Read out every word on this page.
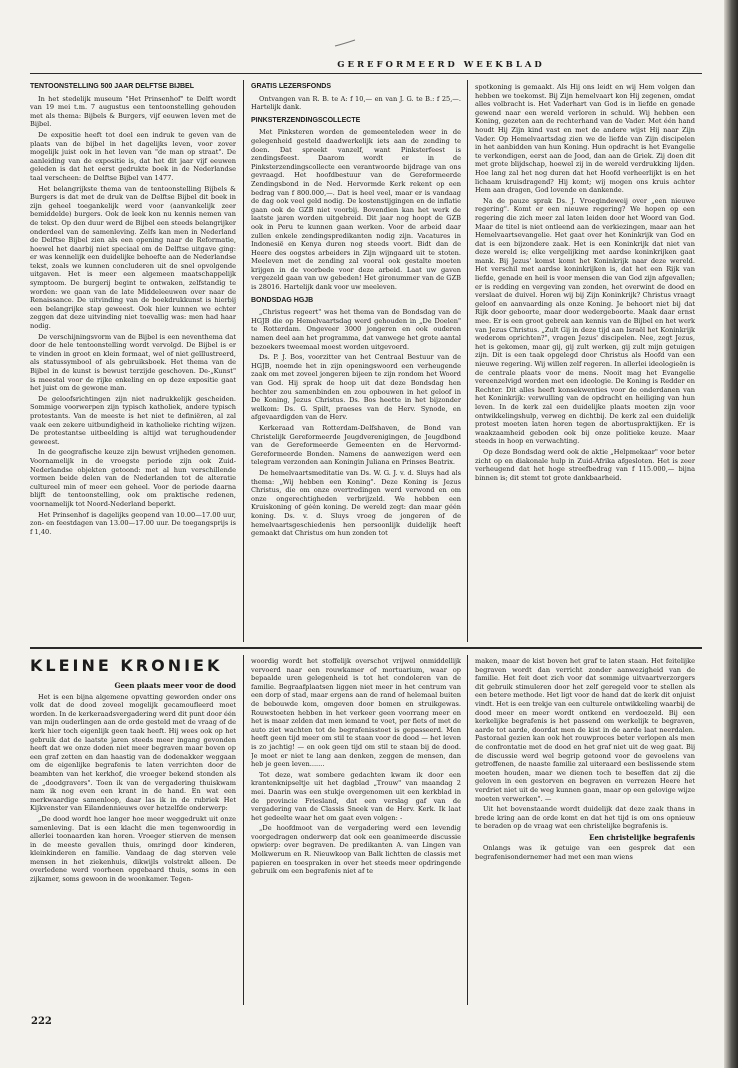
GEREFORMEERD WEEKBLAD
TENTOONSTELLING 500 JAAR DELFTSE BIJBEL

In het stedelijk museum "Het Prinsenhof" te Delft wordt van 19 mei t.m. 7 augustus een tentoonstelling gehouden met als thema: Bijbels & Burgers, vijf eeuwen leven met de Bijbel.

De expositie heeft tot doel een indruk te geven van de plaats van de bijbel in het dagelijks leven, voor zover mogelijk juist ook in het leven van "de man op straat". De aanleiding van de expositie is, dat het dit jaar vijf eeuwen geleden is dat het eerst gedrukte boek in de Nederlandse taal verscheen: de Delftse Bijbel van 1477.

Het belangrijkste thema van de tentoonstelling Bijbels & Burgers is dat met de druk van de Delftse Bijbel dit boek in zijn geheel toegankelijk werd voor (aanvankelijk zeer bemiddelde) burgers. Ook de leek kon nu kennis nemen van de tekst. Op den duur werd de Bijbel een steeds belangrijker onderdeel van de samenleving. Zelfs kan men in Nederland de Delftse Bijbel zien als een opening naar de Reformatie, hoewel het daarbij niet speciaal om de Delftse uitgave ging: er was kennelijk een duidelijke behoefte aan de Nederlandse tekst, zoals we kunnen concluderen uit de snel opvolgende uitgaven. Het is meer een algemeen maatschappelijk symptoom. De burgerij begint te ontwaken, zelfstandig te worden: we gaan van de late Middeleeuwen over naar de Renaissance. De uitvinding van de boekdrukkunst is hierbij een belangrijke stap geweest. Ook hier kunnen we echter zeggen dat deze uitvinding niet toevallig was: men had haar nodig.

De verschijningsvorm van de Bijbel is een neventhema dat door de hele tentoonstelling wordt vervolgd. De Bijbel is er te vinden in groot en klein formaat, wel of niet geïllustreerd, als statussymbool of als gebruiksboek. Het thema van de Bijbel in de kunst is bewust terzijde geschoven. De-„Kunst" is meestal voor de rijke enkeling en op deze expositie gaat het juist om de gewone man.

De geloofsrichtingen zijn niet nadrukkelijk gescheiden. Sommige voorwerpen zijn typisch katholiek, andere typisch protestants. Van de meeste is het niet te definiëren, al zal vaak een zekere uitbundigheid in katholieke richting wijzen. De protestantse uitbeelding is altijd wat terughoudender geweest.

In de geografische keuze zijn bewust vrijheden genomen. Voornamelijk in de vroegste periode zijn ook Zuid-Nederlandse objekten getoond: met al hun verschillende vormen beide delen van de Nederlanden tot de alteratie cultureel min of meer een geheel. Voor de periode daarna blijft de tentoonstelling, ook om praktische redenen, voornamelijk tot Noord-Nederland beperkt.

Het Prinsenhof is dagelijks geopend van 10.00—17.00 uur, zon- en feestdagen van 13.00—17.00 uur. De toegangsprijs is f 1,40.

GRATIS LEZERSFONDS

Ontvangen van R. B. te A: f 10,— en van J. G. te B.: f 25,—. Hartelijk dank.

PINKSTERZENDINGSCOLLECTE

Met Pinksteren worden de gemeenteleden weer in de gelegenheid gesteld daadwerkelijk iets aan de zending te doen. Dat spreekt vanzelf, want Pinksterfeest is zendingsfeest. Daarom wordt er in de Pinksterzendingscollecte een verantwoorde bijdrage van ons gevraagd. Het hoofdbestuur van de Gereformeerde Zendingsbond in de Ned. Hervormde Kerk rekent op een bedrag van f 800.000,—. Dat is heel veel, maar er is vandaag de dag ook veel geld nodig. De kostenstijgingen en de inflatie gaan ook de GZB niet voorbij. Bovendien kan het werk de laatste jaren worden uitgebreid. Dit jaar nog hoopt de GZB ook in Peru te kunnen gaan werken. Voor de arbeid daar zullen enkele zendingspredikanten nodig zijn. Vacatures in Indonesië en Kenya duren nog steeds voort. Bidt dan de Heere des oogstes arbeiders in Zijn wijngaard uit te stoten. Meeleven met de zending zal vooral ook gestalte moeten krijgen in de voorbede voor deze arbeid. Laat uw gaven vergezeld gaan van uw gebeden! Het gironummer van de GZB is 28016. Hartelijk dank voor uw meeleven.

BONDSDAG HGJB

„Christus regeert" was het thema van de Bondsdag van de HGJB die op Hemelvaartsdag werd gehouden in „De Doelen" te Rotterdam. Ongeveer 3000 jongeren en ook ouderen namen deel aan het programma, dat vanwege het grote aantal bezoekers tweemaal moest worden uitgevoerd.

Ds. P. J. Bos, voorzitter van het Centraal Bestuur van de HGJB, noemde het in zijn openingswoord een verheugende zaak om met zoveel jongeren bijeen te zijn rondom het Woord van God. Hij sprak de hoop uit dat deze Bondsdag hen hechter zou samenbinden en zou opbouwen in het geloof in De Koning, Jezus Christus. Ds. Bos heette in het bijzonder welkom: Ds. G. Spilt, praeses van de Herv. Synode, en afgevaardigden van de Herv.

Kerkeraad van Rotterdam-Delfshaven, de Bond van Christelijk Gereformeerde Jeugdverenigingen, de Jeugdbond van de Gereformeerde Gemeenten en de Hervormd-Gereformeerde Bonden. Namens de aanwezigen werd een telegram verzonden aan Koningin Juliana en Prinses Beatrix.

De hemelvaartsmeditatie van Ds. W. G. J. v. d. Sluys had als thema: „Wij hebben een Koning". Deze Koning is Jezus Christus, die om onze overtredingen werd verwond en om onze ongerechtigheden verbrijzeld. We hebben een Kruiskoning of géén koning. De wereld zegt: dan maar géén koning. Ds. v. d. Sluys vroeg de jongeren of de hemelvaartsgeschiedenis hen persoonlijk duidelijk heeft gemaakt dat Christus om hun zonden tot

spotkoning is gemaakt. Als Hij ons leidt en wij Hem volgen dan hebben we toekomst. Bij Zijn hemelvaart kon Hij zegenen, omdat alles volbracht is. Het Vaderhart van God is in liefde en genade gewend naar een wereld verloren in schuld. Wij hebben een Koning, gezeten aan de rechterhand van de Vader. Met één hand houdt Hij Zijn kind vast en met de andere wijst Hij naar Zijn Vader. Op Hemelvaartsdag zien we de liefde van Zijn discipelen in het aanbidden van hun Koning. Hun opdracht is het Evangelie te verkondigen, eerst aan de Jood, dan aan de Griek. Zij doen dit met grote blijdschap, hoewel zij in de wereld verdrukking lijden. Hoe lang zal het nog duren dat het Hoofd verheerlijkt is en het lichaam kruisdragend? Hij komt; wij mogen ons kruis achter Hem aan dragen, God lovende en dankende.

Na de pauze sprak Ds. J. Vroegindeweij over „een nieuwe regering". Komt er een nieuwe regering? We hopen op een regering die zich meer zal laten leiden door het Woord van God. Maar de titel is niet ontleend aan de verkiezingen, maar aan het Hemelvaartsevangelie. Het gaat over het Koninkrijk van God en dat is een bijzondere zaak. Het is een Koninkrijk dat niet van deze wereld is; elke vergelijking met aardse koninkrijken gaat mank. Bij Jezus' komst komt het Koninkrijk naar deze wereld. Het verschil met aardse koninkrijken is, dat het een Rijk van liefde, genade en heil is voor mensen die van God zijn afgevallen; er is redding en vergeving van zonden, het overwint de dood en verslaat de duivel. Horen wij bij Zijn Koninkrijk? Christus vraagt geloof en aanvaarding als onze Koning. Je behoort niet bij dat Rijk door geboorte, maar door wedergeboorte. Maak daar ernst mee. Er is een groot gebrek aan kennis van de Bijbel en het werk van Jezus Christus. „Zult Gij in deze tijd aan Israël het Koninkrijk wederom oprichten?", vragen Jezus' discipelen. Nee, zegt Jezus, het is gekomen, maar gij, gij zult werken, gij zult mijn getuigen zijn. Dit is een taak opgelegd door Christus als Hoofd van een nieuwe regering. Wij willen zelf regeren. In allerlei ideologieën is de centrale plaats voor de mens. Nooit mag het Evangelie vereenzelvigd worden met een ideologie. De Koning is Redder en Rechter. Dit alles heeft konsekwenties voor de onderdanen van het Koninkrijk: verwulling van de opdracht en heiliging van hun leven. In de kerk zal een duidelijke plaats moeten zijn voor ontwikkelingshulp, verweg en dichtbij. De kerk zal een duidelijk protest moeten laten horen tegen de abortuspraktijken. Er is waakzaamheid geboden ook bij onze politieke keuze. Maar steeds in hoop en verwachting.

Op deze Bondsdag werd ook de aktie „Helpmekaar" voor beter zicht op en diakonale hulp in Zuid-Afrika afgesloten. Het is zeer verheugend dat het hoge streefbedrag van f 115.000,— bijna binnen is; dit stemt tot grote dankbaarheid.

KLEINE KRONIEK
Geen plaats meer voor de dood

Het is een bijna algemene opvatting geworden onder ons volk dat de dood zoveel mogelijk gecamoufleerd moet worden. In de kerkeraadsvergadering werd dit punt door één van mijn ouderlingen aan de orde gesteld met de vraag of de kerk hier toch eigenlijk geen taak heeft. Hij wees ook op het gebruik dat de laatste jaren steeds meer ingang gevonden heeft dat we onze doden niet meer begraven maar boven op een graf zetten en dan haastig van de dodenakker weggaan om de eigenlijke begrafenis te laten verrichten door de beambten van het kerkhof, die vroeger bekend stonden als de „doodgravers". Toen ik van de vergadering thuiskwam nam ik nog even een krant in de hand. En wat een merkwaardige samenloop, daar las ik in de rubriek Het Kijkvenster van Eilandennieuws over hetzelfde onderwerp:

„De dood wordt hoe langer hoe meer weggedrukt uit onze samenleving. Dat is een klacht die men tegenwoordig in allerlei toonaarden kan horen. Vroeger stierven de mensen in de meeste gevallen thuis, omringd door kinderen, kleinkinderen en familie. Vandaag de dag sterven vele mensen in het ziekenhuis, dikwijls volstrekt alleen. De overledene werd voorheen opgebaard thuis, soms in een zijkamer, soms gewoon in de woonkamer. Tegen-

woordig wordt het stoffelijk overschot vrijwel onmiddellijk vervoerd naar een rouwkamer of mortuarium, waar op bepaalde uren gelegenheid is tot het condoleren van de familie. Begraafplaatsen liggen niet meer in het centrum van een dorp of stad, maar ergens aan de rand of helemaal buiten de bebouwde kom, omgeven door bomen en struikgewas. Rouwstoeten hebben in het verkeer geen voorrang meer en het is maar zelden dat men iemand te voet, per fiets of met de auto ziet wachten tot de begrafenisstoet is gepasseerd. Men heeft geen tijd meer om stil te staan voor de dood — het leven is zo jachtig! — en ook geen tijd om stil te staan bij de dood. Je moet er niet te lang aan denken, zeggen de mensen, dan heb je geen leven.......

Tot deze, wat sombere gedachten kwam ik door een krantenknipseltje uit het dagblad „Trouw" van maandag 2 mei. Daarin was een stukje overgenomen uit een kerkblad in de provincie Friesland, dat een verslag gaf van de vergadering van de Classis Sneek van de Herv. Kerk. Ik laat het gedeelte waar het om gaat even volgen: -

„De hoofdmoot van de vergadering werd een levendig voorgedragen onderwerp dat ook een geanimeerde discussie opwierp: over begraven. De predikanten A. van Lingen van Molkwerum en R. Nieuwkoop van Balk lichtten de classis met papieren en toespraken in over het steeds meer opdringende gebruik om een begrafenis niet af te

maken, maar de kist boven het graf te laten staan. Het feitelijke begraven wordt dan verricht zonder aanwezigheid van de familie. Het feit doet zich voor dat sommige uitvaartverzorgers dit gebruik stimuleren door het zelf geregeld voor te stellen als een betere methode. Het ligt voor de hand dat de kerk dit onjuist vindt. Het is een trekje van een culturele ontwikkeling waarbij de dood meer en meer wordt ontkend en verdoezeld. Bij een kerkelijke begrafenis is het passend om werkelijk te begraven, aarde tot aarde, doordat men de kist in de aarde laat neerdalen. Pastoraal gezien kan ook het rouwproces beter verlopen als men de confrontatie met de dood en het graf niet uit de weg gaat. Bij de discussie werd wel begrip getoond voor de gevoelens van getroffenen, de naaste familie zal uiteraard een beslissende stem moeten houden, maar we dienen toch te beseffen dat zij die geloven in een gestorven en begraven en verrezen Heere het verdriet niet uit de weg kunnen gaan, maar op een gelovige wijze moeten verwerken". —

Uit het bovenstaande wordt duidelijk dat deze zaak thans in brede kring aan de orde komt en dat het tijd is om ons opnieuw te beraden op de vraag wat een christelijke begrafenis is.

Een christelijke begrafenis

Onlangs was ik getuige van een gesprek dat een begrafenisondernemer had met een man wiens

222
